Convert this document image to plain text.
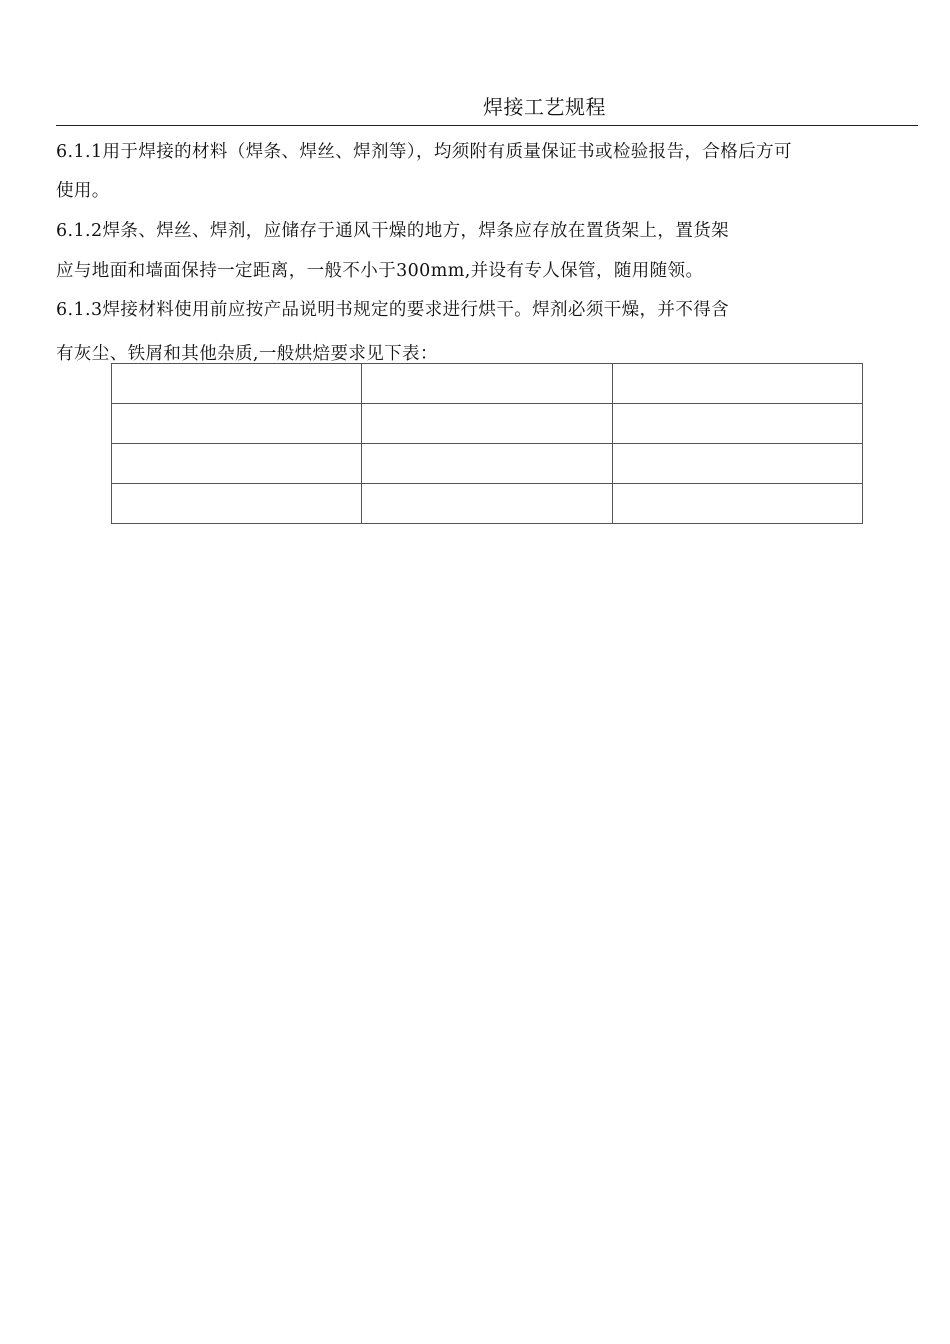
焊接工艺规程
6.1.1用于焊接的材料（焊条、焊丝、焊剂等），均须附有质量保证书或检验报告，合格后方可
使用。
6.1.2焊条、焊丝、焊剂，应储存于通风干燥的地方，焊条应存放在置货架上，置货架
应与地面和墙面保持一定距离，一般不小于300mm,并设有专人保管，随用随领。
6.1.3焊接材料使用前应按产品说明书规定的要求进行烘干。焊剂必须干燥，并不得含
有灰尘、铁屑和其他杂质,一般烘焙要求见下表：
